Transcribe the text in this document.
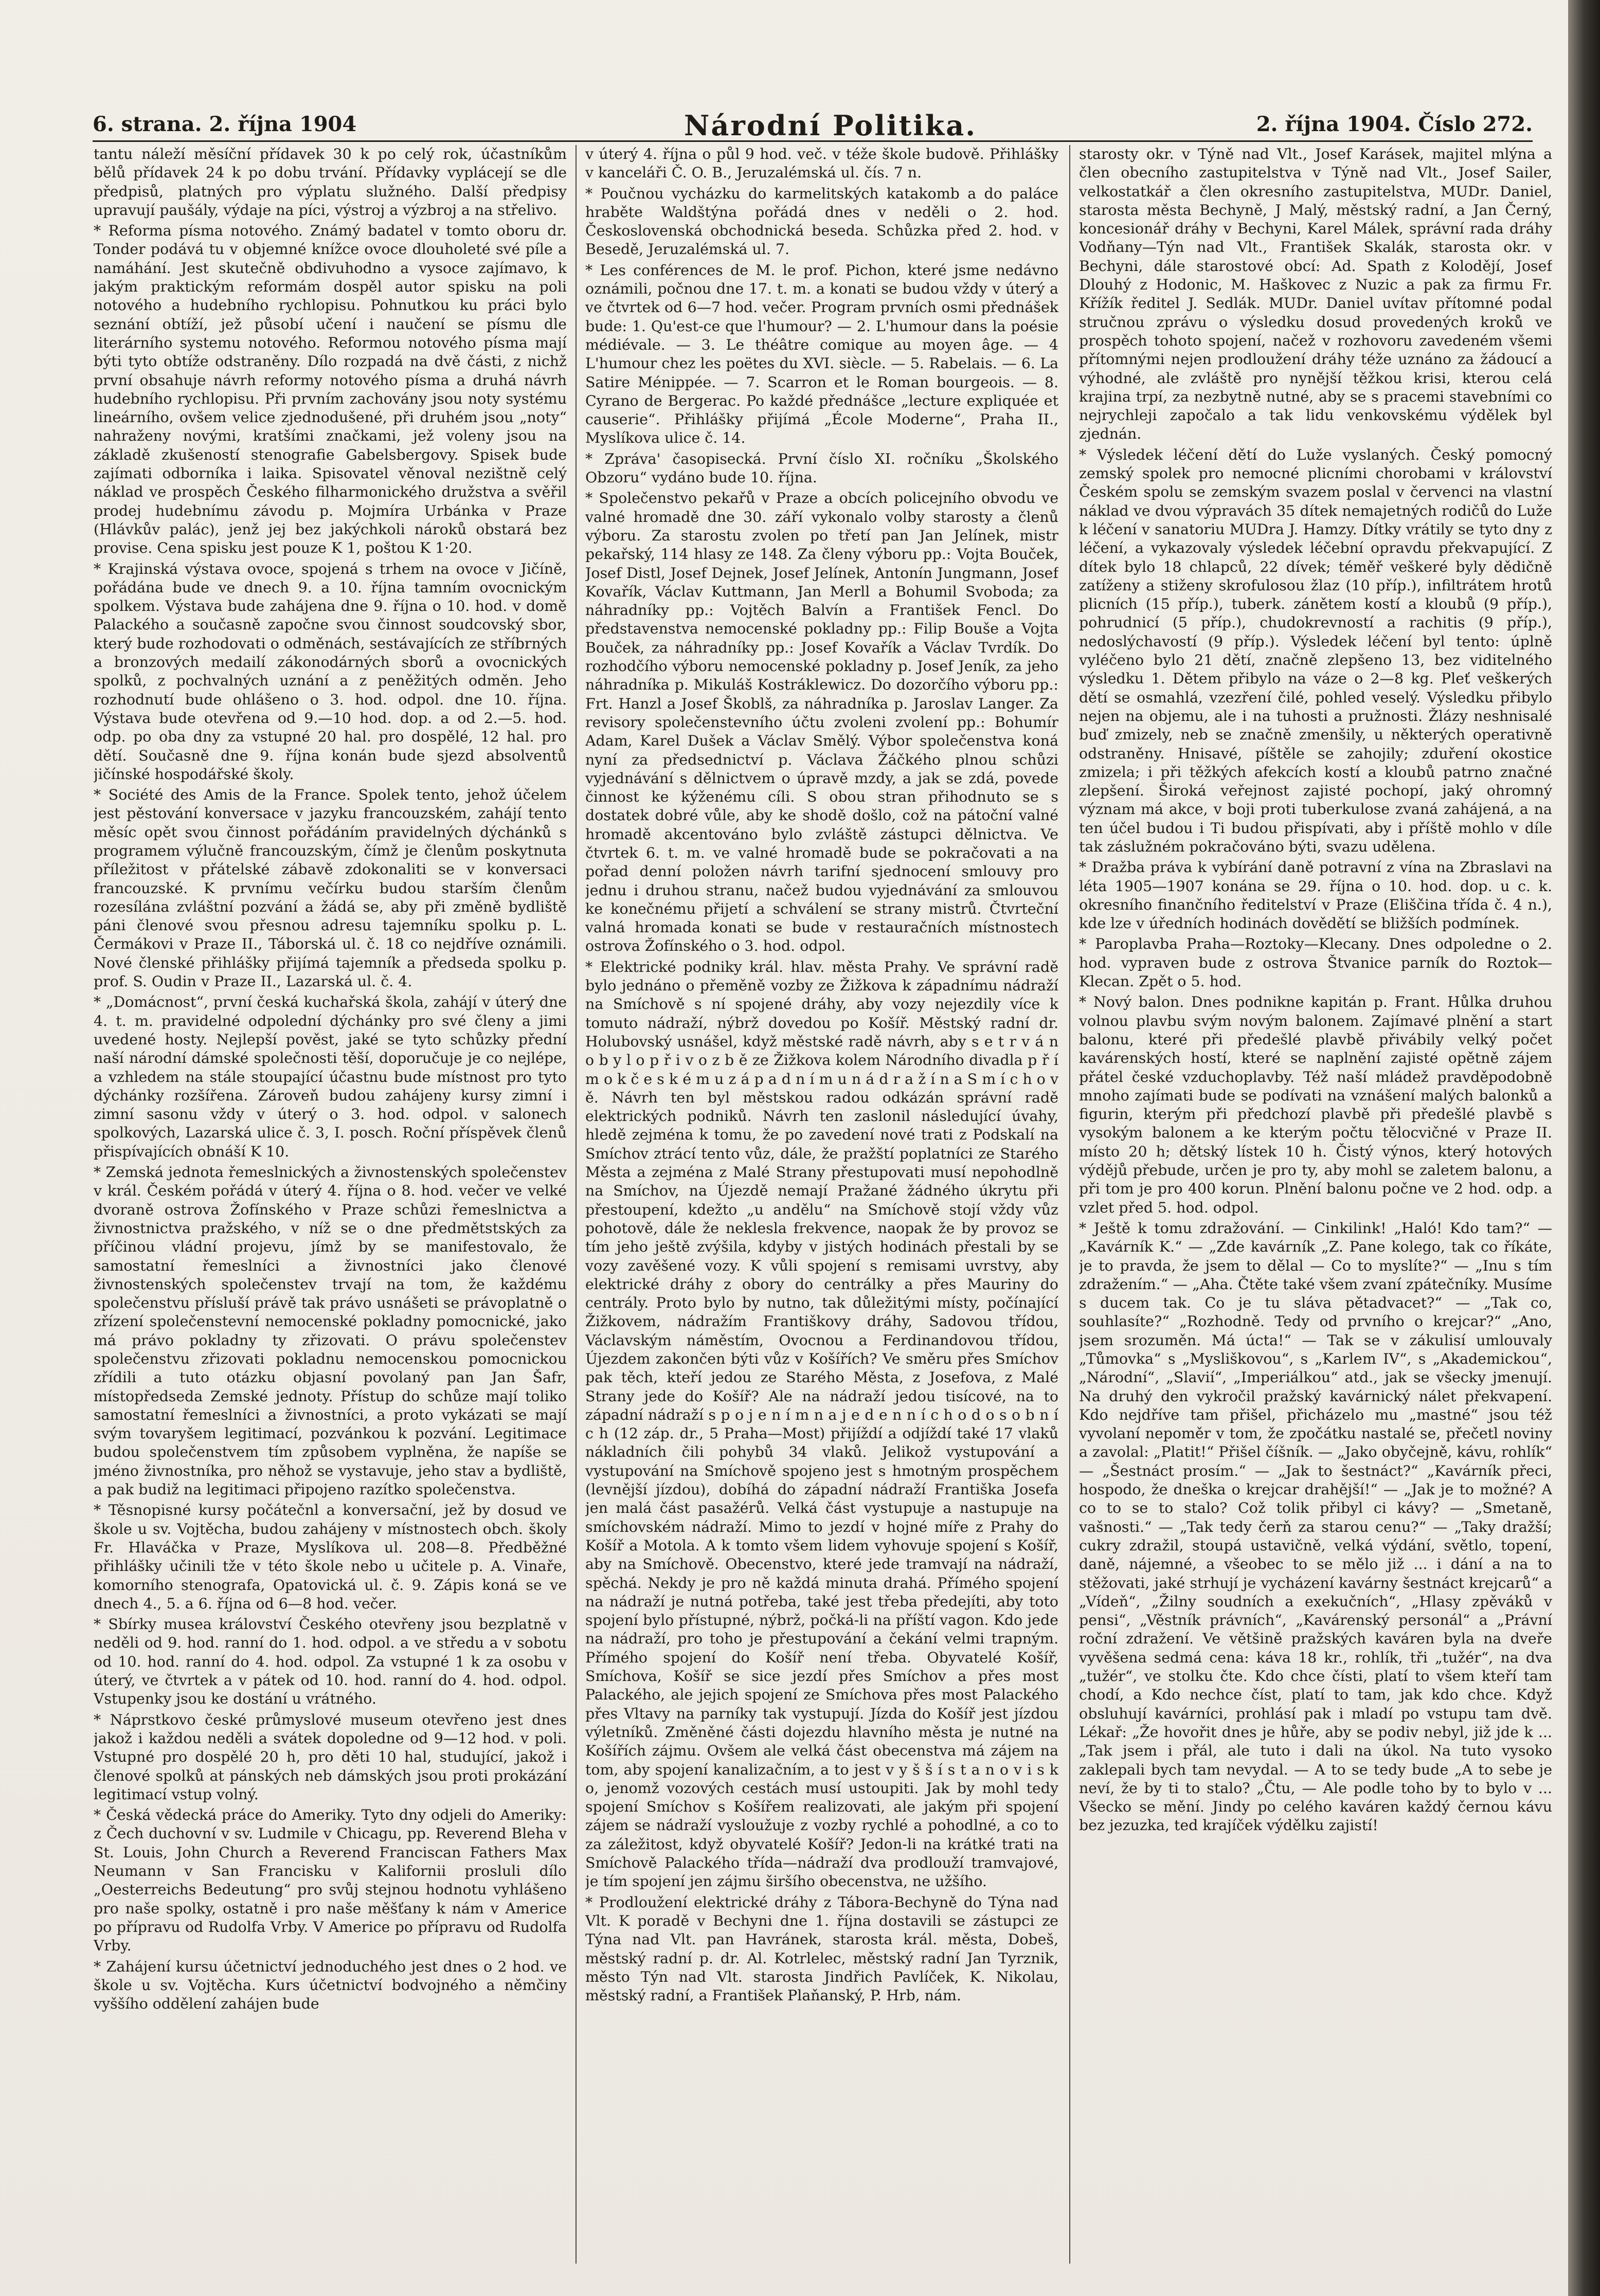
6. strana. 2. října 1904	Národní Politika.	2. října 1904. Číslo 272.

tantu náleží měsíční přídavek 30 k po celý rok, účastníkům bělů přídavek 24 k po dobu trvání. Přídavky vyplácejí se dle předpisů, platných pro výplatu služného. Další předpisy upravují paušály, výdaje na píci, výstroj a výzbroj a na střelivo.

* Reforma písma notového. Známý badatel v tomto oboru dr. Tonder podává tu v objemné knížce ovoce dlouholeté své píle a namáhání. Jest skutečně obdivuhodno a vysoce zajímavo, k jakým praktickým reformám dospěl autor spisku na poli notového a hudebního rychlopisu. Pohnutkou ku práci bylo seznání obtíží, jež působí učení i naučení se písmu dle literárního systemu notového. Reformou notového písma mají býti tyto obtíže odstraněny. Dílo rozpadá na dvě části, z nichž první obsahuje návrh reformy notového písma a druhá návrh hudebního rychlopisu. Při prvním zachovány jsou noty systému lineárního, ovšem velice zjednodušené, při druhém jsou „noty“ nahraženy novými, kratšími značkami, jež voleny jsou na základě zkušeností stenografie Gabelsbergovy. Spisek bude zajímati odborníka i laika. Spisovatel věnoval nezištně celý náklad ve prospěch Českého filharmonického družstva a svěřil prodej hudebnímu závodu p. Mojmíra Urbánka v Praze (Hlávkův palác), jenž jej bez jakýchkoli nároků obstará bez provise. Cena spisku jest pouze K 1, poštou K 1·20.

* Krajinská výstava ovoce, spojená s trhem na ovoce v Jičíně, pořádána bude ve dnech 9. a 10. října tamním ovocnickým spolkem. Výstava bude zahájena dne 9. října o 10. hod. v domě Palackého a současně započne svou činnost soudcovský sbor, který bude rozhodovati o odměnách, sestávajících ze stříbrných a bronzových medailí zákonodárných sborů a ovocnických spolků, z pochvalných uznání a z peněžitých odměn. Jeho rozhodnutí bude ohlášeno o 3. hod. odpol. dne 10. října. Výstava bude otevřena od 9.—10 hod. dop. a od 2.—5. hod. odp. po oba dny za vstupné 20 hal. pro dospělé, 12 hal. pro dětí. Současně dne 9. října konán bude sjezd absolventů jičínské hospodářské školy.

* Société des Amis de la France. Spolek tento, jehož účelem jest pěstování konversace v jazyku francouzském, zahájí tento měsíc opět svou činnost pořádáním pravidelných dýchánků s programem výlučně francouzským, čímž je členům poskytnuta příležitost v přátelské zábavě zdokonaliti se v konversaci francouzské. K prvnímu večírku budou starším členům rozesílána zvláštní pozvání a žádá se, aby při změně bydliště páni členové svou přesnou adresu tajemníku spolku p. L. Čermákovi v Praze II., Táborská ul. č. 18 co nejdříve oznámili. Nové členské přihlášky přijímá tajemník a předseda spolku p. prof. S. Oudin v Praze II., Lazarská ul. č. 4.

* „Domácnost“, první česká kuchařská škola, zahájí v úterý dne 4. t. m. pravidelné odpolední dýchánky pro své členy a jimi uvedené hosty. Nejlepší pověst, jaké se tyto schůzky přední naší národní dámské společnosti těší, doporučuje je co nejlépe, a vzhledem na stále stoupající účastnu bude místnost pro tyto dýchánky rozšířena. Zároveň budou zahájeny kursy zimní i zimní sasonu vždy v úterý o 3. hod. odpol. v salonech spolkových, Lazarská ulice č. 3, I. posch. Roční příspěvek členů přispívajících obnáší K 10.

* Zemská jednota řemeslnických a živnostenských společenstev v král. Českém pořádá v úterý 4. října o 8. hod. večer ve velké dvoraně ostrova Žofínského v Praze schůzi řemeslnictva a živnostnictva pražského, v níž se o dne předmětstských za příčinou vládní projevu, jímž by se manifestovalo, že samostatní řemeslníci a živnostníci jako členové živnostenských společenstev trvají na tom, že každému společenstvu přísluší právě tak právo usnášeti se právoplatně o zřízení společenstevní nemocenské pokladny pomocnické, jako má právo pokladny ty zřizovati. O právu společenstev společenstvu zřizovati pokladnu nemocenskou pomocnickou zřídili a tuto otázku objasní povolaný pan Jan Šafr, místopředseda Zemské jednoty. Přístup do schůze mají toliko samostatní řemeslníci a živnostníci, a proto vykázati se mají svým tovaryšem legitimací, pozvánkou k pozvání. Legitimace budou společenstvem tím způsobem vyplněna, že napíše se jméno živnostníka, pro něhož se vystavuje, jeho stav a bydliště, a pak budiž na legitimaci připojeno razítko společenstva.

* Těsnopisné kursy počátečnl a konversační, jež by dosud ve škole u sv. Vojtěcha, budou zahájeny v místnostech obch. školy Fr. Hlaváčka v Praze, Myslíkova ul. 208—8. Předběžné přihlášky učinili tže v této škole nebo u učitele p. A. Vinaře, komorního stenografa, Opatovická ul. č. 9. Zápis koná se ve dnech 4., 5. a 6. října od 6—8 hod. večer.

* Sbírky musea království Českého otevřeny jsou bezplatně v neděli od 9. hod. ranní do 1. hod. odpol. a ve středu a v sobotu od 10. hod. ranní do 4. hod. odpol. Za vstupné 1 k za osobu v úterý, ve čtvrtek a v pátek od 10. hod. ranní do 4. hod. odpol. Vstupenky jsou ke dostání u vrátného.

* Náprstkovo české průmyslové museum otevřeno jest dnes jakož i každou neděli a svátek dopoledne od 9—12 hod. v poli. Vstupné pro dospělé 20 h, pro děti 10 hal, studující, jakož i členové spolků at pánských neb dámských jsou proti prokázání legitimací vstup volný.

* Česká vědecká práce do Ameriky. Tyto dny odjeli do Ameriky: z Čech duchovní v sv. Ludmile v Chicagu, pp. Reverend Bleha v St. Louis, John Church a Reverend Franciscan Fathers Max Neumann v San Francisku v Kalifornii prosluli dílo „Oesterreichs Bedeutung“ pro svůj stejnou hodnotu vyhlášeno pro naše spolky, ostatně i pro naše měšťany k nám v Americe po přípravu od Rudolfa Vrby. V Americe po přípravu od Rudolfa Vrby.

* Zahájení kursu účetnictví jednoduchého jest dnes o 2 hod. ve škole u sv. Vojtěcha. Kurs účetnictví bodvojného a němčiny vyššího oddělení zahájen bude

v úterý 4. října o půl 9 hod. več. v téže škole budově. Přihlášky v kanceláři Č. O. B., Jeruzalémská ul. čís. 7 n.

* Poučnou vycházku do karmelitských katakomb a do paláce hraběte Waldštýna pořádá dnes v neděli o 2. hod. Československá obchodnická beseda. Schůzka před 2. hod. v Besedě, Jeruzalémská ul. 7.

* Les conférences de M. le prof. Pichon, které jsme nedávno oznámili, počnou dne 17. t. m. a konati se budou vždy v úterý a ve čtvrtek od 6—7 hod. večer. Program prvních osmi přednášek bude: 1. Qu'est-ce que l'humour? — 2. L'humour dans la poésie médiévale. — 3. Le théâtre comique au moyen âge. — 4 L'humour chez les poëtes du XVI. siècle. — 5. Rabelais. — 6. La Satire Ménippée. — 7. Scarron et le Roman bourgeois. — 8. Cyrano de Bergerac. Po každé přednášce „lecture expliquée et causerie“. Přihlášky přijímá „École Moderne“, Praha II., Myslíkova ulice č. 14.

* Zpráva' časopisecká. První číslo XI. ročníku „Školského Obzoru“ vydáno bude 10. října.

* Společenstvo pekařů v Praze a obcích policejního obvodu ve valné hromadě dne 30. září vykonalo volby starosty a členů výboru. Za starostu zvolen po třetí pan Jan Jelínek, mistr pekařský, 114 hlasy ze 148. Za členy výboru pp.: Vojta Bouček, Josef Distl, Josef Dejnek, Josef Jelínek, Antonín Jungmann, Josef Kovařík, Václav Kuttmann, Jan Merll a Bohumil Svoboda; za náhradníky pp.: Vojtěch Balvín a František Fencl. Do představenstva nemocenské pokladny pp.: Filip Bouše a Vojta Bouček, za náhradníky pp.: Josef Kovařík a Václav Tvrdík. Do rozhodčího výboru nemocenské pokladny p. Josef Jeník, za jeho náhradníka p. Mikuláš Kostráklewicz. Do dozorčího výboru pp.: Frt. Hanzl a Josef Škoblš, za náhradníka p. Jaroslav Langer. Za revisory společenstevního účtu zvoleni zvolení pp.: Bohumír Adam, Karel Dušek a Václav Smělý. Výbor společenstva koná nyní za předsednictví p. Václava Žáčkého plnou schůzi vyjednávání s dělnictvem o úpravě mzdy, a jak se zdá, povede činnost ke kýženému cíli. S obou stran přihodnuto se s dostatek dobré vůle, aby ke shodě došlo, což na pátoční valné hromadě akcentováno bylo zvláště zástupci dělnictva. Ve čtvrtek 6. t. m. ve valné hromadě bude se pokračovati a na pořad denní položen návrh tarifní sjednocení smlouvy pro jednu i druhou stranu, načež budou vyjednávání za smlouvou ke konečnému přijetí a schválení se strany mistrů. Čtvrteční valná hromada konati se bude v restauračních místnostech ostrova Žofínského o 3. hod. odpol.

* Elektrické podniky král. hlav. města Prahy. Ve správní radě bylo jednáno o přeměně vozby ze Žižkova k západnímu nádraží na Smíchově s ní spojené dráhy, aby vozy nejezdily více k tomuto nádraží, nýbrž dovedou po Košíř. Městský radní dr. Holubovský usnášel, když městské radě návrh, aby s e t r v á n o b y l o p ř i v o z b ě ze Žižkova kolem Národního divadla p ř í m o k č e s k é m u z á p a d n í m u n á d r a ž í n a S m í c h o v ě. Návrh ten byl městskou radou odkázán správní radě elektrických podniků. Návrh ten zaslonil následující úvahy, hledě zejména k tomu, že po zavedení nové trati z Podskalí na Smíchov ztrácí tento vůz, dále, že pražští poplatníci ze Starého Města a zejména z Malé Strany přestupovati musí nepohodlně na Smíchov, na Újezdě nemají Pražané žádného úkrytu při přestoupení, kdežto „u andělu“ na Smíchově stojí vždy vůz pohotově, dále že neklesla frekvence, naopak že by provoz se tím jeho ještě zvýšila, kdyby v jistých hodinách přestali by se vozy zavěšené vozy. K vůli spojení s remisami uvrstvy, aby elektrické dráhy z obory do centrálky a přes Mauriny do centrály. Proto bylo by nutno, tak důležitými místy, počínající Žižkovem, nádražím Františkovy dráhy, Sadovou třídou, Václavským náměstím, Ovocnou a Ferdinandovou třídou, Újezdem zakončen býti vůz v Košířích? Ve směru přes Smíchov pak těch, kteří jedou ze Starého Města, z Josefova, z Malé Strany jede do Košíř? Ale na nádraží jedou tisícové, na to západní nádraží s p o j e n í m n a j e d e n n í c h o d o s o b n í c h (12 záp. dr., 5 Praha—Most) přijíždí a odjíždí také 17 vlaků nákladních čili pohybů 34 vlaků. Jelikož vystupování a vystupování na Smíchově spojeno jest s hmotným prospěchem (levnější jízdou), dobíhá do západní nádraží Františka Josefa jen malá část pasažérů. Velká část vystupuje a nastupuje na smíchovském nádraží. Mimo to jezdí v hojné míře z Prahy do Košíř a Motola. A k tomto všem lidem vyhovuje spojení s Košíř, aby na Smíchově. Obecenstvo, které jede tramvají na nádraží, spěchá. Nekdy je pro ně každá minuta drahá. Přímého spojení na nádraží je nutná potřeba, také jest třeba předejíti, aby toto spojení bylo přístupné, nýbrž, počká-li na příští vagon. Kdo jede na nádraží, pro toho je přestupování a čekání velmi trapným. Přímého spojení do Košíř není třeba. Obyvatelé Košíř, Smíchova, Košíř se sice jezdí přes Smíchov a přes most Palackého, ale jejich spojení ze Smíchova přes most Palackého přes Vltavy na parníky tak vystupují. Jízda do Košíř jest jízdou výletníků. Změněné části dojezdu hlavního města je nutné na Košířích zájmu. Ovšem ale velká část obecenstva má zájem na tom, aby spojení kanalizačním, a to jest v y š š í s t a n o v i s k o, jenomž vozových cestách musí ustoupiti. Jak by mohl tedy spojení Smíchov s Košířem realizovati, ale jakým při spojení zájem se nádraží vysloužuje z vozby rychlé a pohodlné, a co to za záležitost, když obyvatelé Košíř? Jedon-li na krátké trati na Smíchově Palackého třída—nádraží dva prodlouží tramvajové, je tím spojení jen zájmu širšího obecenstva, ne užšího.

* Prodloužení elektrické dráhy z Tábora-Bechyně do Týna nad Vlt. K poradě v Bechyni dne 1. října dostavili se zástupci ze Týna nad Vlt. pan Havránek, starosta král. města, Dobeš, městský radní p. dr. Al. Kotrlelec, městský radní Jan Tyrznik, město Týn nad Vlt. starosta Jindřich Pavlíček, K. Nikolau, městský radní, a František Plaňanský, P. Hrb, nám.

starosty okr. v Týně nad Vlt., Josef Karásek, majitel mlýna a člen obecního zastupitelstva v Týně nad Vlt., Josef Sailer, velkostatkář a člen okresního zastupitelstva, MUDr. Daniel, starosta města Bechyně, J Malý, městský radní, a Jan Černý, koncesionář dráhy v Bechyni, Karel Málek, správní rada dráhy Vodňany—Týn nad Vlt., František Skalák, starosta okr. v Bechyni, dále starostové obcí: Ad. Spath z Kolodějí, Josef Dlouhý z Hodonic, M. Haškovec z Nuzic a pak za firmu Fr. Křížík ředitel J. Sedlák. MUDr. Daniel uvítav přítomné podal stručnou zprávu o výsledku dosud provedených kroků ve prospěch tohoto spojení, načež v rozhovoru zavedeném všemi přítomnými nejen prodloužení dráhy téže uznáno za žádoucí a výhodné, ale zvláště pro nynější těžkou krisi, kterou celá krajina trpí, za nezbytně nutné, aby se s pracemi stavebními co nejrychleji započalo a tak lidu venkovskému výdělek byl zjednán.

* Výsledek léčení dětí do Luže vyslaných. Český pomocný zemský spolek pro nemocné plicními chorobami v království Českém spolu se zemským svazem poslal v červenci na vlastní náklad ve dvou výpravách 35 dítek nemajetných rodičů do Luže k léčení v sanatoriu MUDra J. Hamzy. Dítky vrátily se tyto dny z léčení, a vykazovaly výsledek léčební opravdu překvapující. Z dítek bylo 18 chlapců, 22 dívek; téměř veškeré byly dědičně zatíženy a stiženy skrofulosou žlaz (10 příp.), infiltrátem hrotů plicních (15 příp.), tuberk. zánětem kostí a kloubů (9 příp.), pohrudnicí (5 příp.), chudokrevností a rachitis (9 příp.), nedoslýchavostí (9 příp.). Výsledek léčení byl tento: úplně vyléčeno bylo 21 dětí, značně zlepšeno 13, bez viditelného výsledku 1. Dětem přibylo na váze o 2—8 kg. Pleť veškerých dětí se osmahlá, vzezření čilé, pohled veselý. Výsledku přibylo nejen na objemu, ale i na tuhosti a pružnosti. Žlázy neshnisalé buď zmizely, neb se značně zmenšily, u některých operativně odstraněny. Hnisavé, píštěle se zahojily; zduření okostice zmizela; i při těžkých afekcích kostí a kloubů patrno značné zlepšení. Široká veřejnost zajisté pochopí, jaký ohromný význam má akce, v boji proti tuberkulose zvaná zahájená, a na ten účel budou i Ti budou přispívati, aby i příště mohlo v díle tak záslužném pokračováno býti, svazu udělena.

* Dražba práva k vybírání daně potravní z vína na Zbraslavi na léta 1905—1907 konána se 29. října o 10. hod. dop. u c. k. okresního finančního ředitelství v Praze (Eliščina třída č. 4 n.), kde lze v úředních hodinách dovědětí se bližších podmínek.

* Paroplavba Praha—Roztoky—Klecany. Dnes odpoledne o 2. hod. vypraven bude z ostrova Štvanice parník do Roztok—Klecan. Zpět o 5. hod.

* Nový balon. Dnes podnikne kapitán p. Frant. Hůlka druhou volnou plavbu svým novým balonem. Zajímavé plnění a start balonu, které při předešlé plavbě přivábily velký počet kavárenských hostí, které se naplnění zajisté opětně zájem přátel české vzduchoplavby. Též naší mládež pravděpodobně mnoho zajímati bude se podívati na vznášení malých balonků a figurin, kterým při předchozí plavbě při předešlé plavbě s vysokým balonem a ke kterým počtu tělocvičné v Praze II. místo 20 h; dětský lístek 10 h. Čistý výnos, který hotových výdějů přebude, určen je pro ty, aby mohl se zaletem balonu, a při tom je pro 400 korun. Plnění balonu počne ve 2 hod. odp. a vzlet před 5. hod. odpol.

* Ještě k tomu zdražování. — Cinkilink! „Haló! Kdo tam?“ — „Kavárník K.“ — „Zde kavárník „Z. Pane kolego, tak co říkáte, je to pravda, že jsem to dělal — Co to myslíte?“ — „Inu s tím zdražením.“ — „Aha. Čtěte také všem zvaní zpátečníky. Musíme s ducem tak. Co je tu sláva pětadvacet?“ — „Tak co, souhlasíte?“ „Rozhodně. Tedy od prvního o krejcar?“ „Ano, jsem srozuměn. Má úcta!“ — Tak se v zákulisí umlouvaly „Tůmovka“ s „Mysliškovou“, s „Karlem IV“, s „Akademickou“, „Národní“, „Slavií“, „Imperiálkou“ atd., jak se všecky jmenují. Na druhý den vykročil pražský kavárnický nálet překvapení. Kdo nejdříve tam přišel, přicházelo mu „mastné“ jsou též vyvolaní nepoměr v tom, že zpočátku nastalé se, přečetl noviny a zavolal: „Platit!“ Přišel číšník. — „Jako obyčejně, kávu, rohlík“ — „Šestnáct prosím.“ — „Jak to šestnáct?“ „Kavárník přeci, hospodo, že dneška o krejcar drahější!“ — „Jak je to možné? A co to se to stalo? Což tolik přibyl ci kávy? — „Smetaně, vašnosti.“ — „Tak tedy čerň za starou cenu?“ — „Taky dražší; cukry zdražil, stoupá ustavičně, velká výdání, světlo, topení, daně, nájemné, a všeobec to se mělo již ... i dání a na to stěžovati, jaké strhují je vycházení kavárny šestnáct krejcarů“ a „Vídeň“, „Žilny soudních a exekučních“, „Hlasy zpěváků v pensi“, „Věstník právních“, „Kavárenský personál“ a „Právní roční zdražení. Ve většině pražských kaváren byla na dveře vyvěšena sedmá cena: káva 18 kr., rohlík, tři „tužér“, na dva „tužér“, ve stolku čte. Kdo chce čísti, platí to všem kteří tam chodí, a Kdo nechce číst, platí to tam, jak kdo chce. Když obsluhují kavárníci, prohlásí pak i mladí po vstupu tam dvě. Lékař: „Že hovořit dnes je hůře, aby se podiv nebyl, již jde k ... „Tak jsem i přál, ale tuto i dali na úkol. Na tuto vysoko zaklepali bych tam nevydal. — A to se tedy bude „A to sebe je neví, že by ti to stalo? „Čtu, — Ale podle toho by to bylo v ... Všecko se mění. Jindy po celého kaváren každý černou kávu bez jezuzka, ted krajíček výdělku zajistí!
